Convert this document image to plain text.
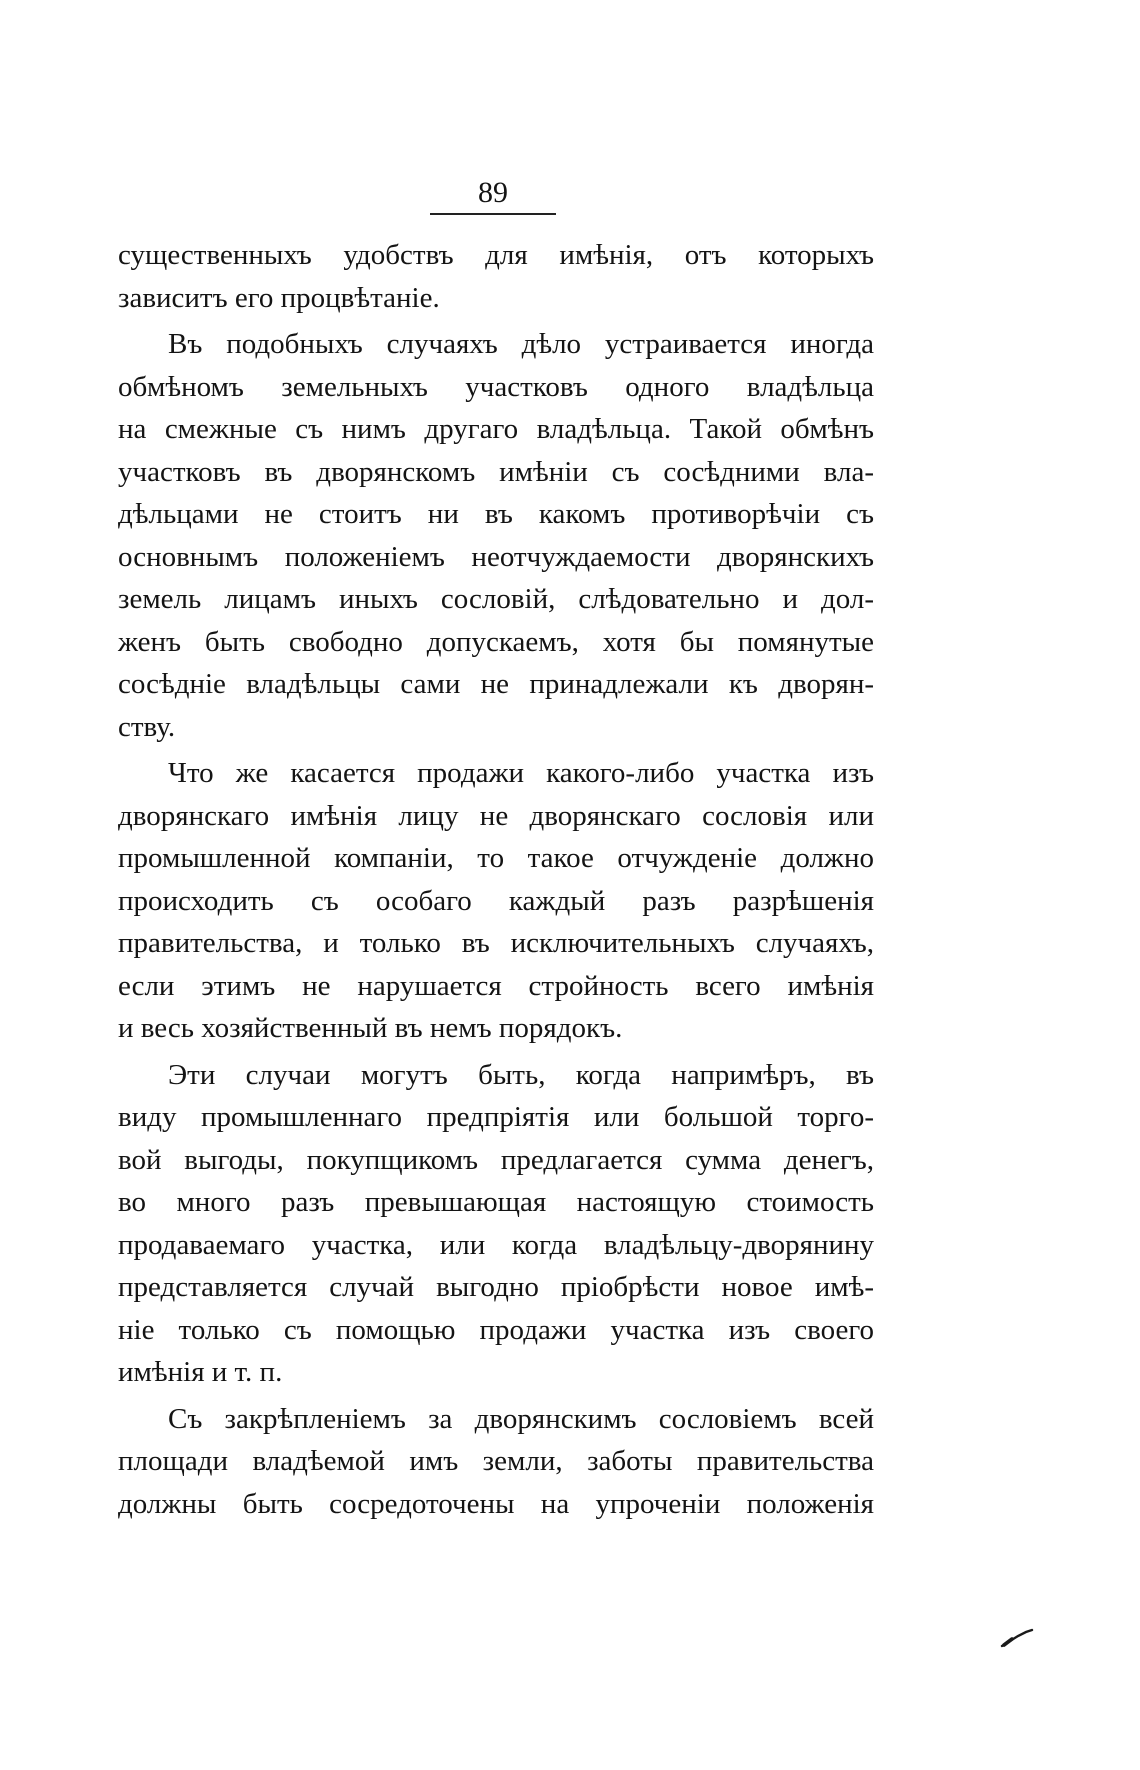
89
существенныхъ удобствъ для имѣнія, отъ которыхъ
зависитъ его процвѣтаніе.
Въ подобныхъ случаяхъ дѣло устраивается иногда
обмѣномъ земельныхъ участковъ одного владѣльца
на смежные съ нимъ другаго владѣльца. Такой обмѣнъ
участковъ въ дворянскомъ имѣніи съ сосѣдними вла-
дѣльцами не стоитъ ни въ какомъ противорѣчіи съ
основнымъ положеніемъ неотчуждаемости дворянскихъ
земель лицамъ иныхъ сословій, слѣдовательно и дол-
женъ быть свободно допускаемъ, хотя бы помянутые
сосѣдніе владѣльцы сами не принадлежали къ дворян-
ству.
Что же касается продажи какого-либо участка изъ
дворянскаго имѣнія лицу не дворянскаго сословія или
промышленной компаніи, то такое отчужденіе должно
происходить съ особаго каждый разъ разрѣшенія
правительства, и только въ исключительныхъ случаяхъ,
если этимъ не нарушается стройность всего имѣнія
и весь хозяйственный въ немъ порядокъ.
Эти случаи могутъ быть, когда напримѣръ, въ
виду промышленнаго предпріятія или большой торго-
вой выгоды, покупщикомъ предлагается сумма денегъ,
во много разъ превышающая настоящую стоимость
продаваемаго участка, или когда владѣльцу-дворянину
представляется случай выгодно пріобрѣсти новое имѣ-
ніе только съ помощью продажи участка изъ своего
имѣнія и т. п.
Съ закрѣпленіемъ за дворянскимъ сословіемъ всей
площади владѣемой имъ земли, заботы правительства
должны быть сосредоточены на упроченіи положенія
